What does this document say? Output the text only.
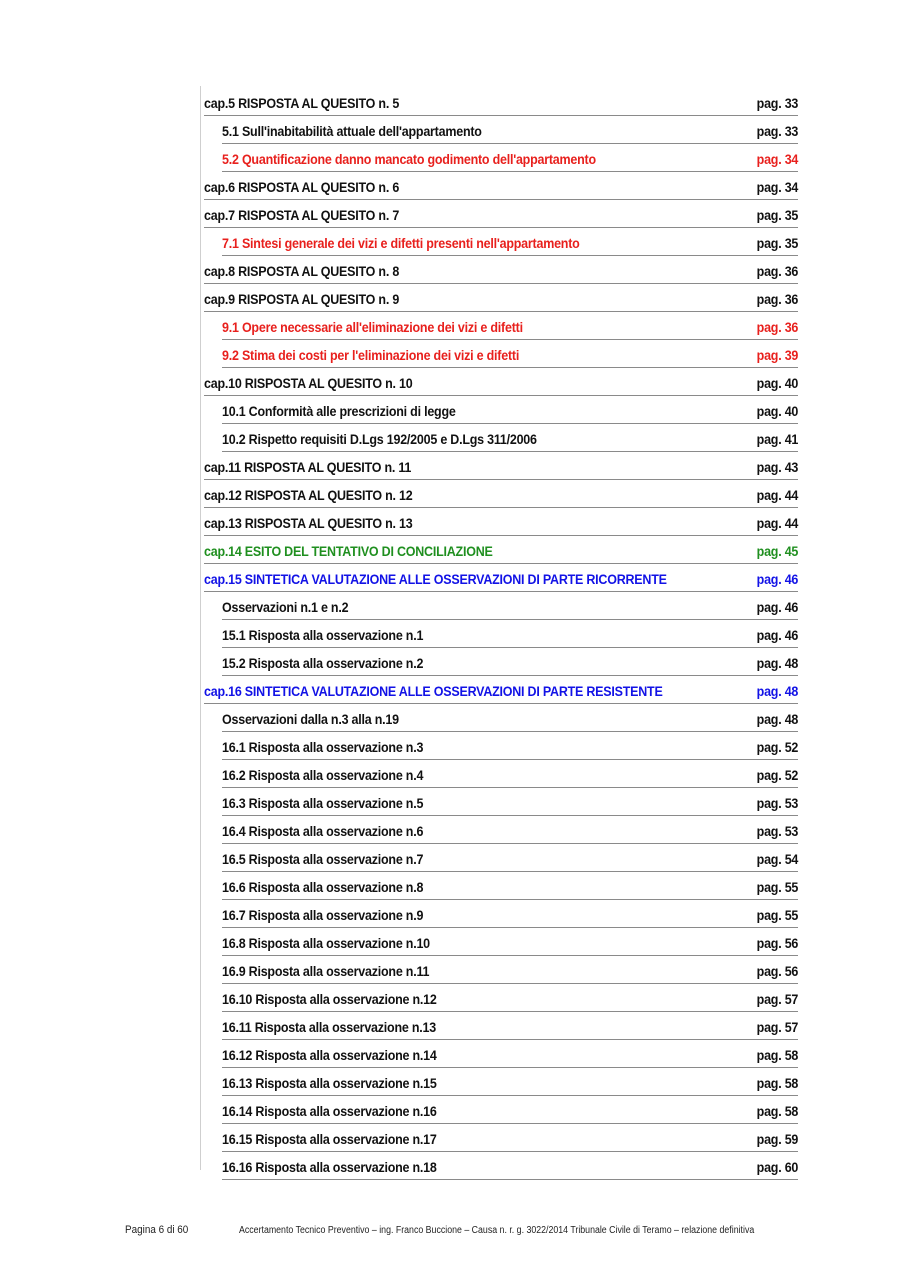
cap.5 RISPOSTA AL QUESITO n. 5	pag. 33
5.1 Sull'inabitabilità attuale dell'appartamento	pag. 33
5.2 Quantificazione danno mancato godimento dell'appartamento	pag. 34
cap.6 RISPOSTA AL QUESITO n. 6	pag. 34
cap.7 RISPOSTA AL QUESITO n. 7	pag. 35
7.1 Sintesi generale dei vizi e difetti presenti nell'appartamento	pag. 35
cap.8 RISPOSTA AL QUESITO n. 8	pag. 36
cap.9 RISPOSTA AL QUESITO n. 9	pag. 36
9.1 Opere necessarie all'eliminazione dei vizi e difetti	pag. 36
9.2 Stima dei costi per l'eliminazione dei vizi e difetti	pag. 39
cap.10 RISPOSTA AL QUESITO n. 10	pag. 40
10.1 Conformità alle prescrizioni di legge	pag. 40
10.2 Rispetto requisiti D.Lgs 192/2005 e D.Lgs 311/2006	pag. 41
cap.11 RISPOSTA AL QUESITO n. 11	pag. 43
cap.12 RISPOSTA AL QUESITO n. 12	pag. 44
cap.13 RISPOSTA AL QUESITO n. 13	pag. 44
cap.14 ESITO DEL TENTATIVO DI CONCILIAZIONE	pag. 45
cap.15 SINTETICA VALUTAZIONE ALLE OSSERVAZIONI DI PARTE RICORRENTE	pag. 46
Osservazioni n.1 e n.2	pag. 46
15.1 Risposta alla osservazione n.1	pag. 46
15.2 Risposta alla osservazione n.2	pag. 48
cap.16 SINTETICA VALUTAZIONE ALLE OSSERVAZIONI DI PARTE RESISTENTE	pag. 48
Osservazioni dalla n.3 alla n.19	pag. 48
16.1 Risposta alla osservazione n.3	pag. 52
16.2 Risposta alla osservazione n.4	pag. 52
16.3 Risposta alla osservazione n.5	pag. 53
16.4 Risposta alla osservazione n.6	pag. 53
16.5 Risposta alla osservazione n.7	pag. 54
16.6 Risposta alla osservazione n.8	pag. 55
16.7 Risposta alla osservazione n.9	pag. 55
16.8 Risposta alla osservazione n.10	pag. 56
16.9 Risposta alla osservazione n.11	pag. 56
16.10 Risposta alla osservazione n.12	pag. 57
16.11 Risposta alla osservazione n.13	pag. 57
16.12 Risposta alla osservazione n.14	pag. 58
16.13 Risposta alla osservazione n.15	pag. 58
16.14 Risposta alla osservazione n.16	pag. 58
16.15 Risposta alla osservazione n.17	pag. 59
16.16 Risposta alla osservazione n.18	pag. 60
Pagina 6 di 60	Accertamento Tecnico Preventivo – ing. Franco Buccione – Causa n. r. g. 3022/2014 Tribunale Civile di Teramo – relazione definitiva
